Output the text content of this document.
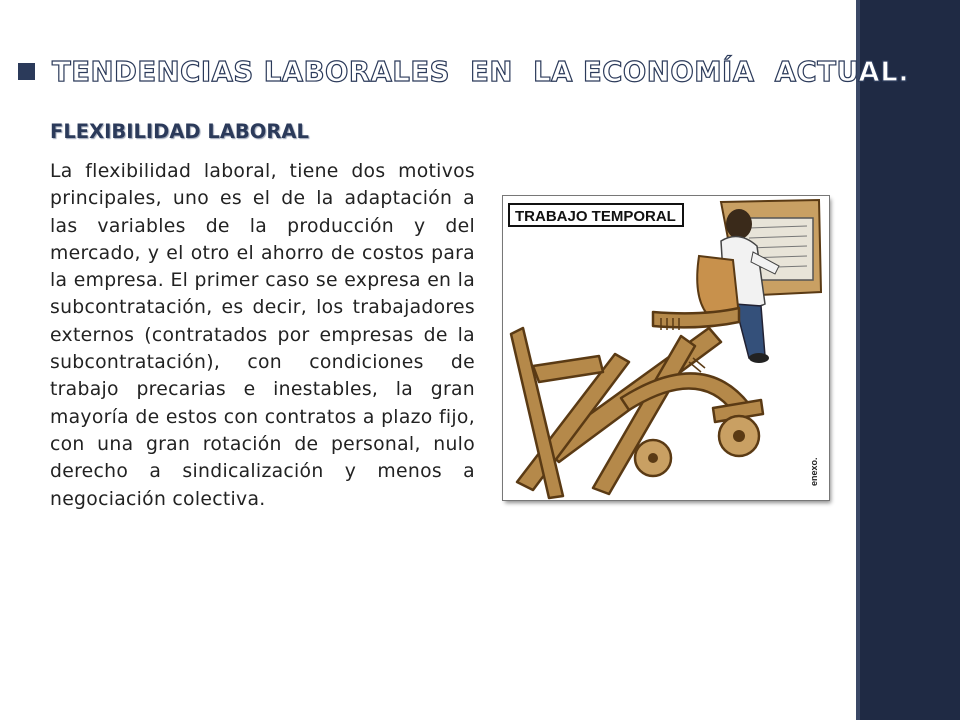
TENDENCIAS LABORALES  EN  LA ECONOMÍA  ACTUAL.
FLEXIBILIDAD LABORAL

La flexibilidad laboral, tiene dos motivos principales, uno es el de la adaptación a las variables de la producción y del mercado, y el otro el ahorro de costos para la empresa. El primer caso se expresa en la subcontratación, es decir, los trabajadores externos (contratados por empresas de la subcontratación), con condiciones de trabajo precarias e inestables, la gran mayoría de estos con contratos a plazo fijo, con una gran rotación de personal, nulo derecho a sindicalización y menos a negociación colectiva.

TRABAJO TEMPORAL
enexo.
